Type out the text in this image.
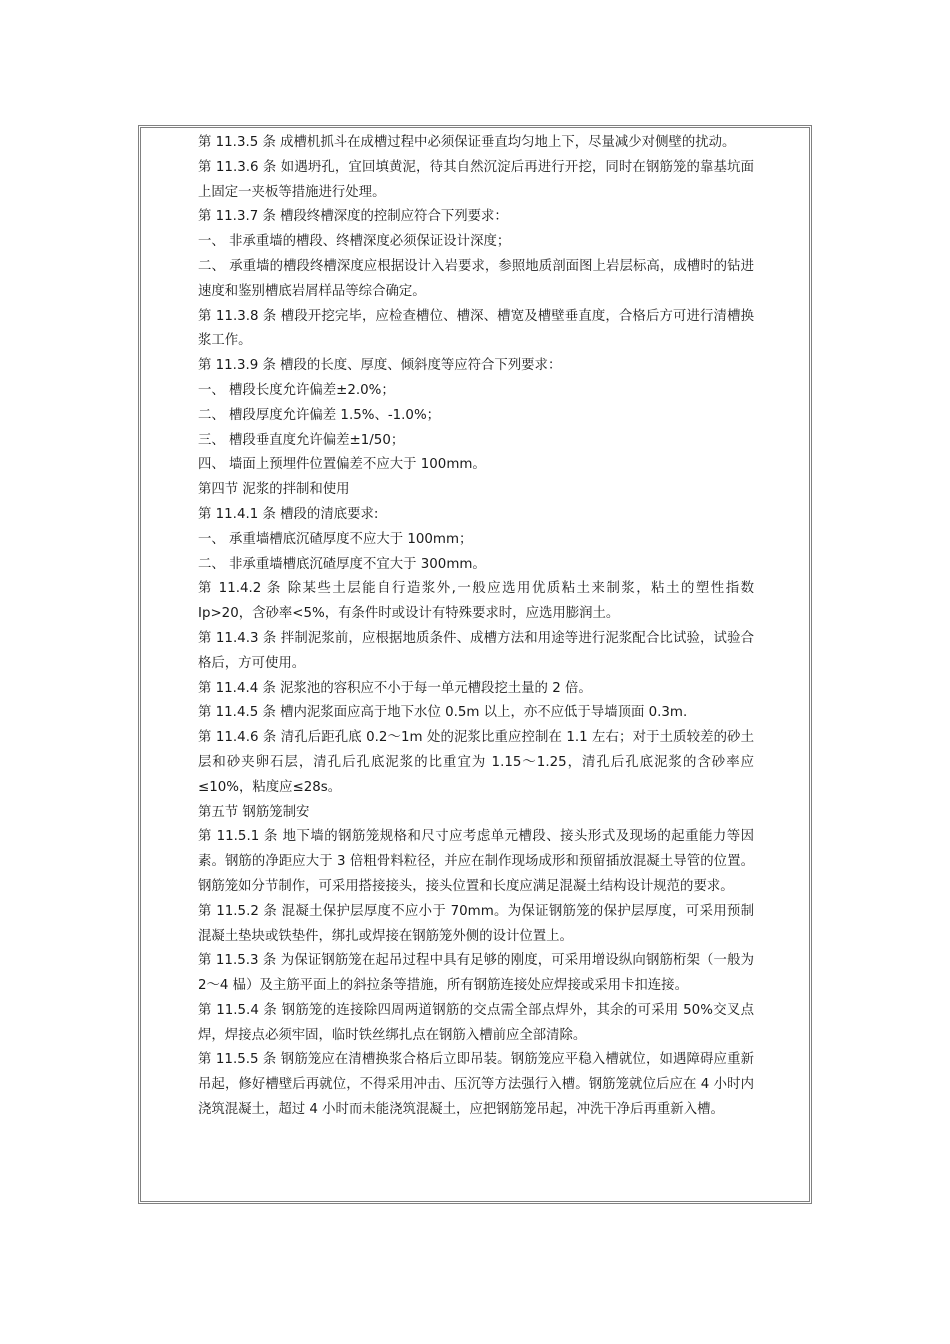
第 11.3.5 条 成槽机抓斗在成槽过程中必须保证垂直均匀地上下，尽量减少对侧壁的扰动。

第 11.3.6 条 如遇坍孔，宜回填黄泥，待其自然沉淀后再进行开挖，同时在钢筋笼的靠基坑面上固定一夹板等措施进行处理。

第 11.3.7 条 槽段终槽深度的控制应符合下列要求：

一、 非承重墙的槽段、终槽深度必须保证设计深度；

二、 承重墙的槽段终槽深度应根据设计入岩要求，参照地质剖面图上岩层标高，成槽时的钻进速度和鉴别槽底岩屑样品等综合确定。

第 11.3.8 条 槽段开挖完毕，应检查槽位、槽深、槽宽及槽壁垂直度，合格后方可进行清槽换浆工作。

第 11.3.9 条 槽段的长度、厚度、倾斜度等应符合下列要求：

一、 槽段长度允许偏差±2.0%；

二、 槽段厚度允许偏差 1.5%、-1.0%；

三、 槽段垂直度允许偏差±1/50；

四、 墙面上预埋件位置偏差不应大于 100mm。

第四节 泥浆的拌制和使用

第 11.4.1 条 槽段的清底要求:

一、 承重墙槽底沉碴厚度不应大于 100mm；

二、 非承重墙槽底沉碴厚度不宜大于 300mm。

第 11.4.2 条 除某些土层能自行造浆外,一般应选用优质粘土来制浆，粘土的塑性指数 Ip>20，含砂率<5%，有条件时或设计有特殊要求时，应选用膨润土。

第 11.4.3 条 拌制泥浆前，应根据地质条件、成槽方法和用途等进行泥浆配合比试验，试验合格后，方可使用。

第 11.4.4 条 泥浆池的容积应不小于每一单元槽段挖土量的 2 倍。

第 11.4.5 条 槽内泥浆面应高于地下水位 0.5m 以上，亦不应低于导墙顶面 0.3m.

第 11.4.6 条 清孔后距孔底 0.2～1m 处的泥浆比重应控制在 1.1 左右；对于土质较差的砂土层和砂夹卵石层，清孔后孔底泥浆的比重宜为 1.15～1.25，清孔后孔底泥浆的含砂率应≤10%，粘度应≤28s。

第五节 钢筋笼制安

第 11.5.1 条 地下墙的钢筋笼规格和尺寸应考虑单元槽段、接头形式及现场的起重能力等因素。钢筋的净距应大于 3 倍粗骨料粒径，并应在制作现场成形和预留插放混凝土导管的位置。钢筋笼如分节制作，可采用搭接接头，接头位置和长度应满足混凝土结构设计规范的要求。

第 11.5.2 条 混凝土保护层厚度不应小于 70mm。为保证钢筋笼的保护层厚度，可采用预制混凝土垫块或铁垫件，绑扎或焊接在钢筋笼外侧的设计位置上。

第 11.5.3 条 为保证钢筋笼在起吊过程中具有足够的刚度，可采用增设纵向钢筋桁架（一般为 2～4 榀）及主筋平面上的斜拉条等措施，所有钢筋连接处应焊接或采用卡扣连接。

第 11.5.4 条 钢筋笼的连接除四周两道钢筋的交点需全部点焊外，其余的可采用 50%交叉点焊，焊接点必须牢固，临时铁丝绑扎点在钢筋入槽前应全部清除。

第 11.5.5 条 钢筋笼应在清槽换浆合格后立即吊装。钢筋笼应平稳入槽就位，如遇障碍应重新吊起，修好槽壁后再就位，不得采用冲击、压沉等方法强行入槽。钢筋笼就位后应在 4 小时内浇筑混凝土，超过 4 小时而未能浇筑混凝土，应把钢筋笼吊起，冲洗干净后再重新入槽。
